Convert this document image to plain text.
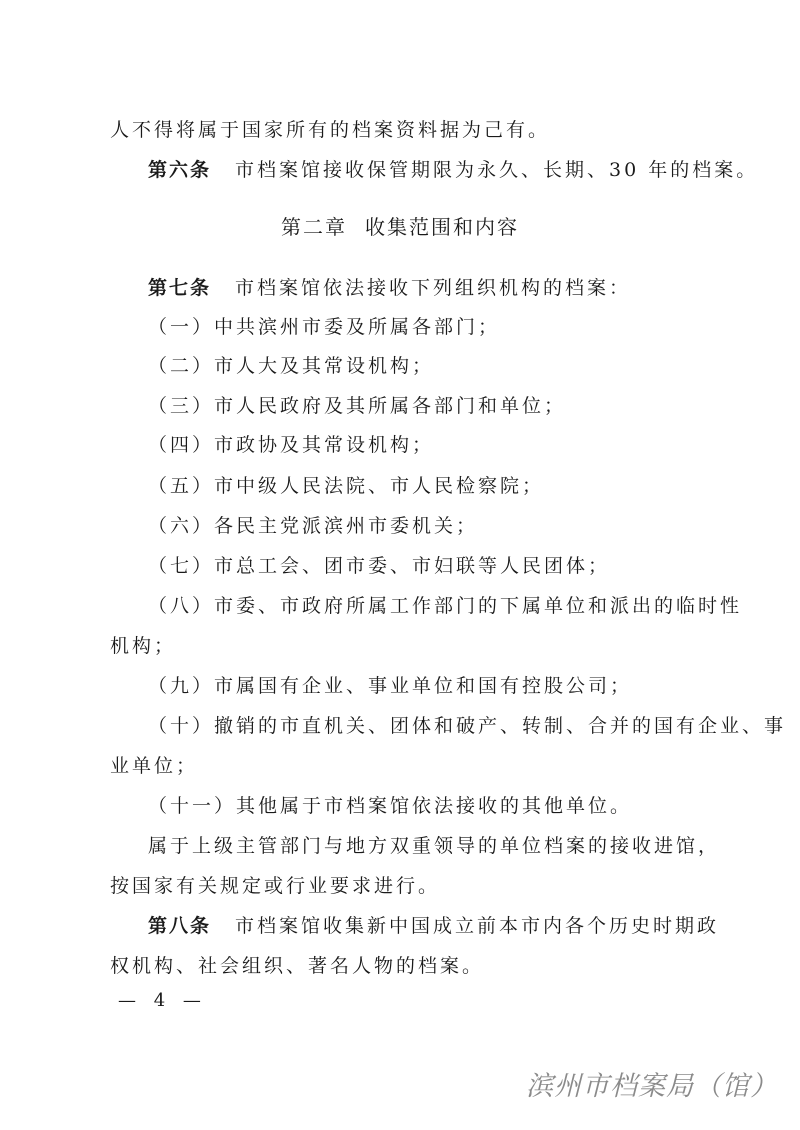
人不得将属于国家所有的档案资料据为己有。
第六条 市档案馆接收保管期限为永久、长期、30 年的档案。
第二章 收集范围和内容
第七条 市档案馆依法接收下列组织机构的档案：
（一）中共滨州市委及所属各部门；
（二）市人大及其常设机构；
（三）市人民政府及其所属各部门和单位；
（四）市政协及其常设机构；
（五）市中级人民法院、市人民检察院；
（六）各民主党派滨州市委机关；
（七）市总工会、团市委、市妇联等人民团体；
（八）市委、市政府所属工作部门的下属单位和派出的临时性
机构；
（九）市属国有企业、事业单位和国有控股公司；
（十）撤销的市直机关、团体和破产、转制、合并的国有企业、事
业单位；
（十一）其他属于市档案馆依法接收的其他单位。
属于上级主管部门与地方双重领导的单位档案的接收进馆，
按国家有关规定或行业要求进行。
第八条 市档案馆收集新中国成立前本市内各个历史时期政
权机构、社会组织、著名人物的档案。
— 4 —
滨州市档案局（馆）
